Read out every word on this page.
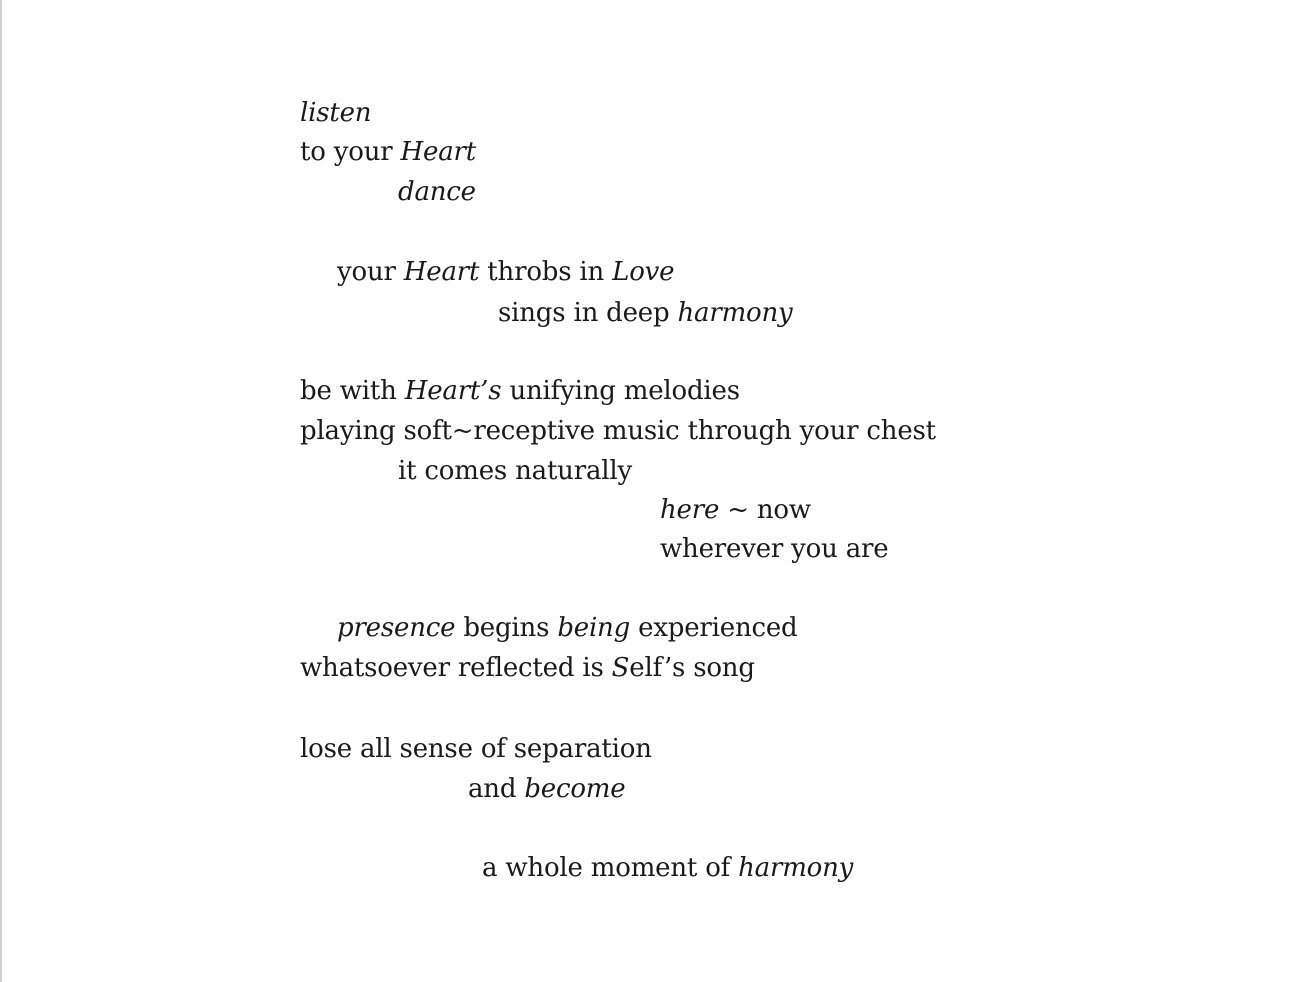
listen
to your Heart
dance
your Heart throbs in Love
sings in deep harmony
be with Heart’s unifying melodies
playing soft~receptive music through your chest
it comes naturally
here ~ now
wherever you are
presence begins being experienced
whatsoever reflected is Self’s song
lose all sense of separation
and become
a whole moment of harmony
